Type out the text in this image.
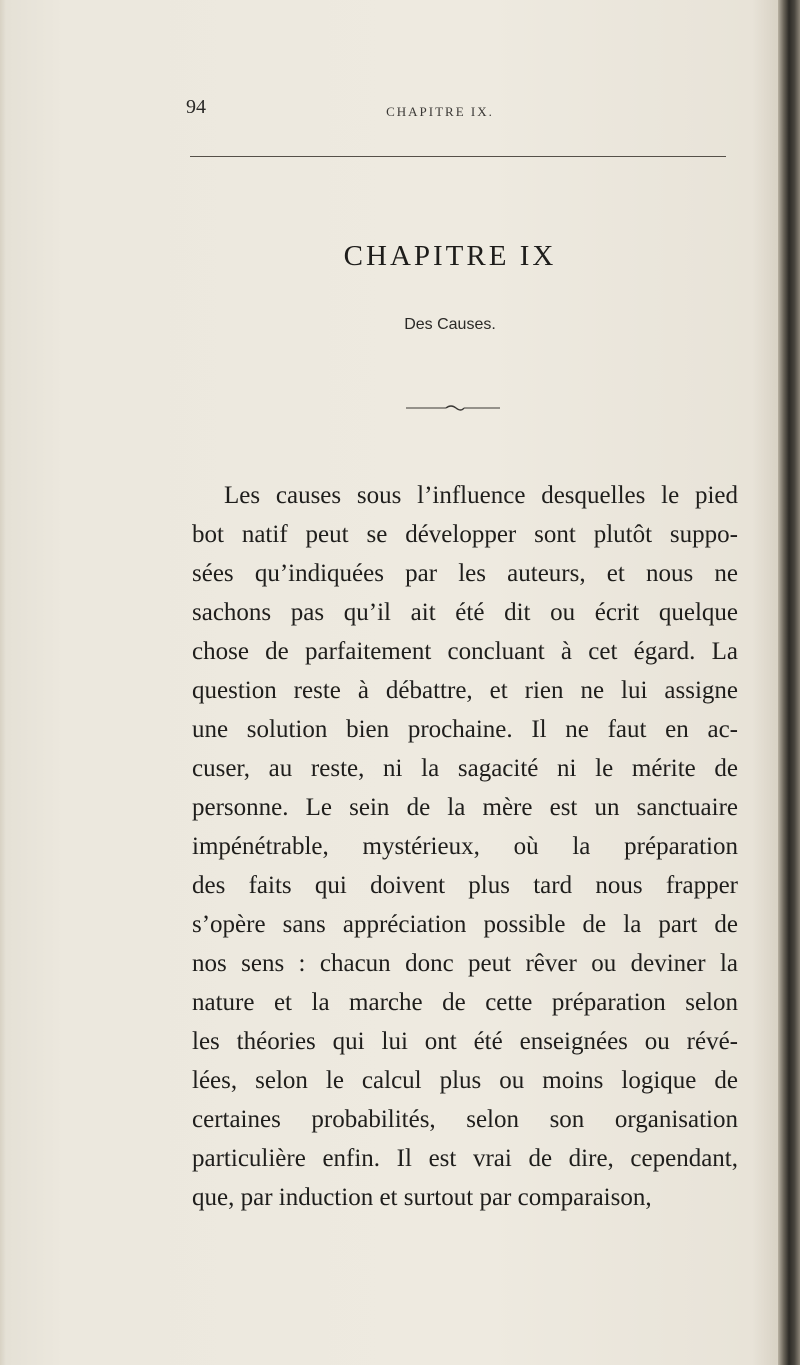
94	CHAPITRE IX.

CHAPITRE IX

Des Causes.

Les causes sous l’influence desquelles le pied
bot natif peut se développer sont plutôt suppo-
sées qu’indiquées par les auteurs, et nous ne
sachons pas qu’il ait été dit ou écrit quelque
chose de parfaitement concluant à cet égard. La
question reste à débattre, et rien ne lui assigne
une solution bien prochaine. Il ne faut en ac-
cuser, au reste, ni la sagacité ni le mérite de
personne. Le sein de la mère est un sanctuaire
impénétrable, mystérieux, où la préparation
des faits qui doivent plus tard nous frapper
s’opère sans appréciation possible de la part de
nos sens : chacun donc peut rêver ou deviner la
nature et la marche de cette préparation selon
les théories qui lui ont été enseignées ou révé-
lées, selon le calcul plus ou moins logique de
certaines probabilités, selon son organisation
particulière enfin. Il est vrai de dire, cependant,
que, par induction et surtout par comparaison,
